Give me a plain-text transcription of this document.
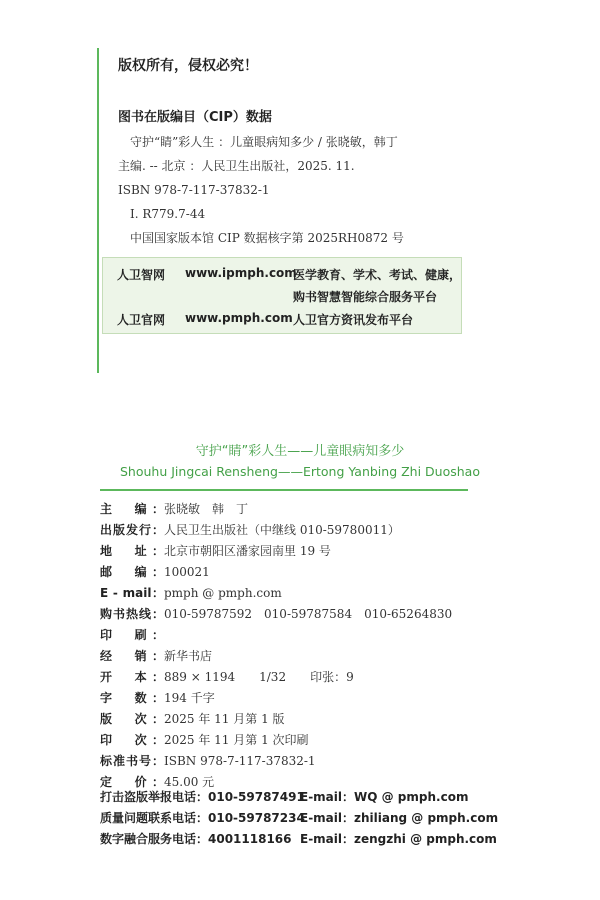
版权所有，侵权必究！
图书在版编目（CIP）数据
守护“睛”彩人生 ：儿童眼病知多少 / 张晓敏，韩丁
主编. -- 北京 ：人民卫生出版社，2025. 11.
ISBN 978-7-117-37832-1
Ⅰ. R779.7-44
中国国家版本馆 CIP 数据核字第 2025RH0872 号
人卫智网 www.ipmph.com
医学教育、学术、考试、健康，
购书智慧智能综合服务平台
人卫官网 www.pmph.com 人卫官方资讯发布平台
守护“睛”彩人生——儿童眼病知多少
Shouhu Jingcai Rensheng——Ertong Yanbing Zhi Duoshao
主　编： 张晓敏　韩　丁
出版发行： 人民卫生出版社（中继线 010-59780011）
地　址： 北京市朝阳区潘家园南里 19 号
邮　编： 100021
E - mail： pmph @ pmph.com
购书热线： 010-59787592　010-59787584　010-65264830
印　刷：
经　销： 新华书店
开　本： 889 × 1194　　1/32　　印张：9
字　数： 194 千字
版　次： 2025 年 11 月第 1 版
印　次： 2025 年 11 月第 1 次印刷
标准书号： ISBN 978-7-117-37832-1
定　价： 45.00 元
打击盗版举报电话：010-59787491
E-mail：WQ @ pmph.com
质量问题联系电话：010-59787234
E-mail：zhiliang @ pmph.com
数字融合服务电话：4001118166 E-mail：zengzhi @ pmph.com
